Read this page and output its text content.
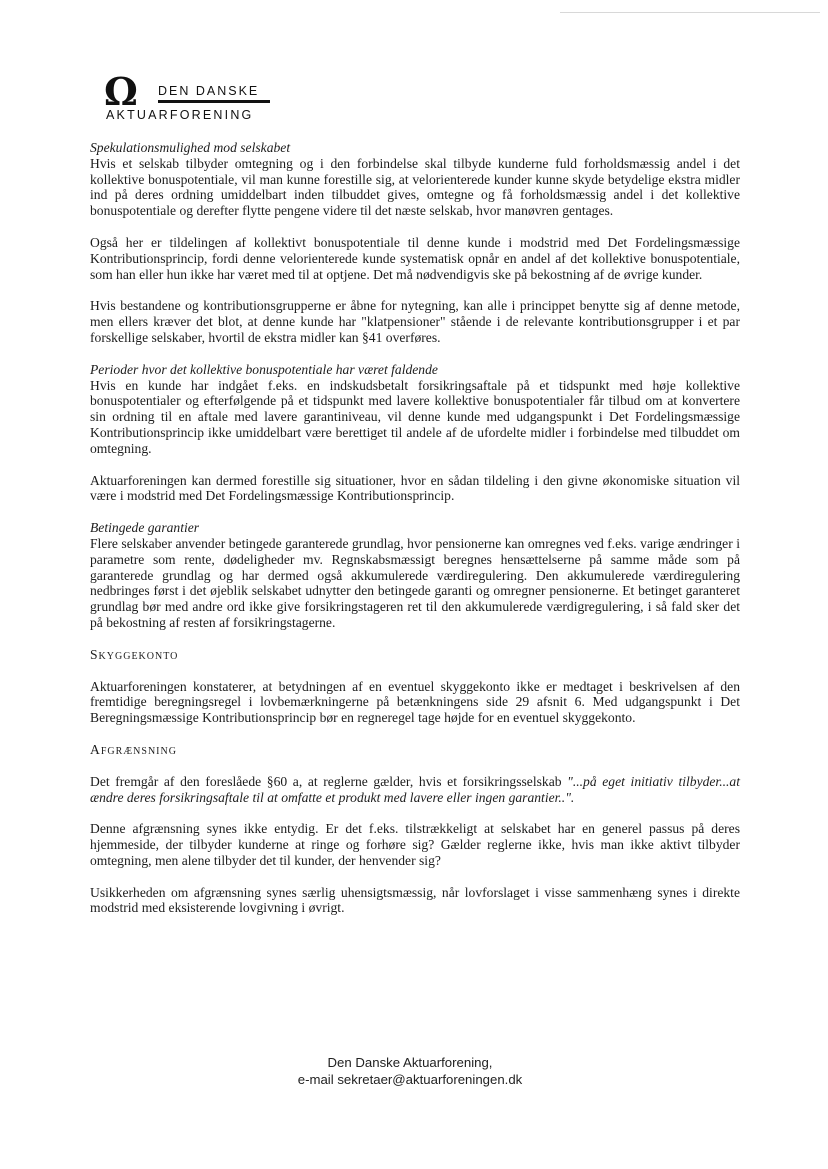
Ω DEN DANSKE
AKTUARFORENING

Spekulationsmulighed mod selskabet
Hvis et selskab tilbyder omtegning og i den forbindelse skal tilbyde kunderne fuld forholdsmæssig andel i det kollektive bonuspotentiale, vil man kunne forestille sig, at velorienterede kunder kunne skyde betydelige ekstra midler ind på deres ordning umiddelbart inden tilbuddet gives, omtegne og få forholdsmæssig andel i det kollektive bonuspotentiale og derefter flytte pengene videre til det næste selskab, hvor manøvren gentages.

Også her er tildelingen af kollektivt bonuspotentiale til denne kunde i modstrid med Det Fordelingsmæssige Kontributionsprincip, fordi denne velorienterede kunde systematisk opnår en andel af det kollektive bonuspotentiale, som han eller hun ikke har været med til at optjene. Det må nødvendigvis ske på bekostning af de øvrige kunder.

Hvis bestandene og kontributionsgrupperne er åbne for nytegning, kan alle i princippet benytte sig af denne metode, men ellers kræver det blot, at denne kunde har "klatpensioner" stående i de relevante kontributionsgrupper i et par forskellige selskaber, hvortil de ekstra midler kan §41 overføres.

Perioder hvor det kollektive bonuspotentiale har været faldende
Hvis en kunde har indgået f.eks. en indskudsbetalt forsikringsaftale på et tidspunkt med høje kollektive bonuspotentialer og efterfølgende på et tidspunkt med lavere kollektive bonuspotentialer får tilbud om at konvertere sin ordning til en aftale med lavere garantiniveau, vil denne kunde med udgangspunkt i Det Fordelingsmæssige Kontributionsprincip ikke umiddelbart være berettiget til andele af de ufordelte midler i forbindelse med tilbuddet om omtegning.

Aktuarforeningen kan dermed forestille sig situationer, hvor en sådan tildeling i den givne økonomiske situation vil være i modstrid med Det Fordelingsmæssige Kontributionsprincip.

Betingede garantier
Flere selskaber anvender betingede garanterede grundlag, hvor pensionerne kan omregnes ved f.eks. varige ændringer i parametre som rente, dødeligheder mv. Regnskabsmæssigt beregnes hensættelserne på samme måde som på garanterede grundlag og har dermed også akkumulerede værdiregulering. Den akkumulerede værdiregulering nedbringes først i det øjeblik selskabet udnytter den betingede garanti og omregner pensionerne. Et betinget garanteret grundlag bør med andre ord ikke give forsikringstageren ret til den akkumulerede værdigregulering, i så fald sker det på bekostning af resten af forsikringstagerne.

Skyggekonto

Aktuarforeningen konstaterer, at betydningen af en eventuel skyggekonto ikke er medtaget i beskrivelsen af den fremtidige beregningsregel i lovbemærkningerne på betænkningens side 29 afsnit 6. Med udgangspunkt i Det Beregningsmæssige Kontributionsprincip bør en regneregel tage højde for en eventuel skyggekonto.

Afgrænsning

Det fremgår af den foreslåede §60 a, at reglerne gælder, hvis et forsikringsselskab "...på eget initiativ tilbyder...at ændre deres forsikringsaftale til at omfatte et produkt med lavere eller ingen garantier..".

Denne afgrænsning synes ikke entydig. Er det f.eks. tilstrækkeligt at selskabet har en generel passus på deres hjemmeside, der tilbyder kunderne at ringe og forhøre sig? Gælder reglerne ikke, hvis man ikke aktivt tilbyder omtegning, men alene tilbyder det til kunder, der henvender sig?

Usikkerheden om afgrænsning synes særlig uhensigtsmæssig, når lovforslaget i visse sammenhæng synes i direkte modstrid med eksisterende lovgivning i øvrigt.

Den Danske Aktuarforening,
e-mail sekretaer@aktuarforeningen.dk
